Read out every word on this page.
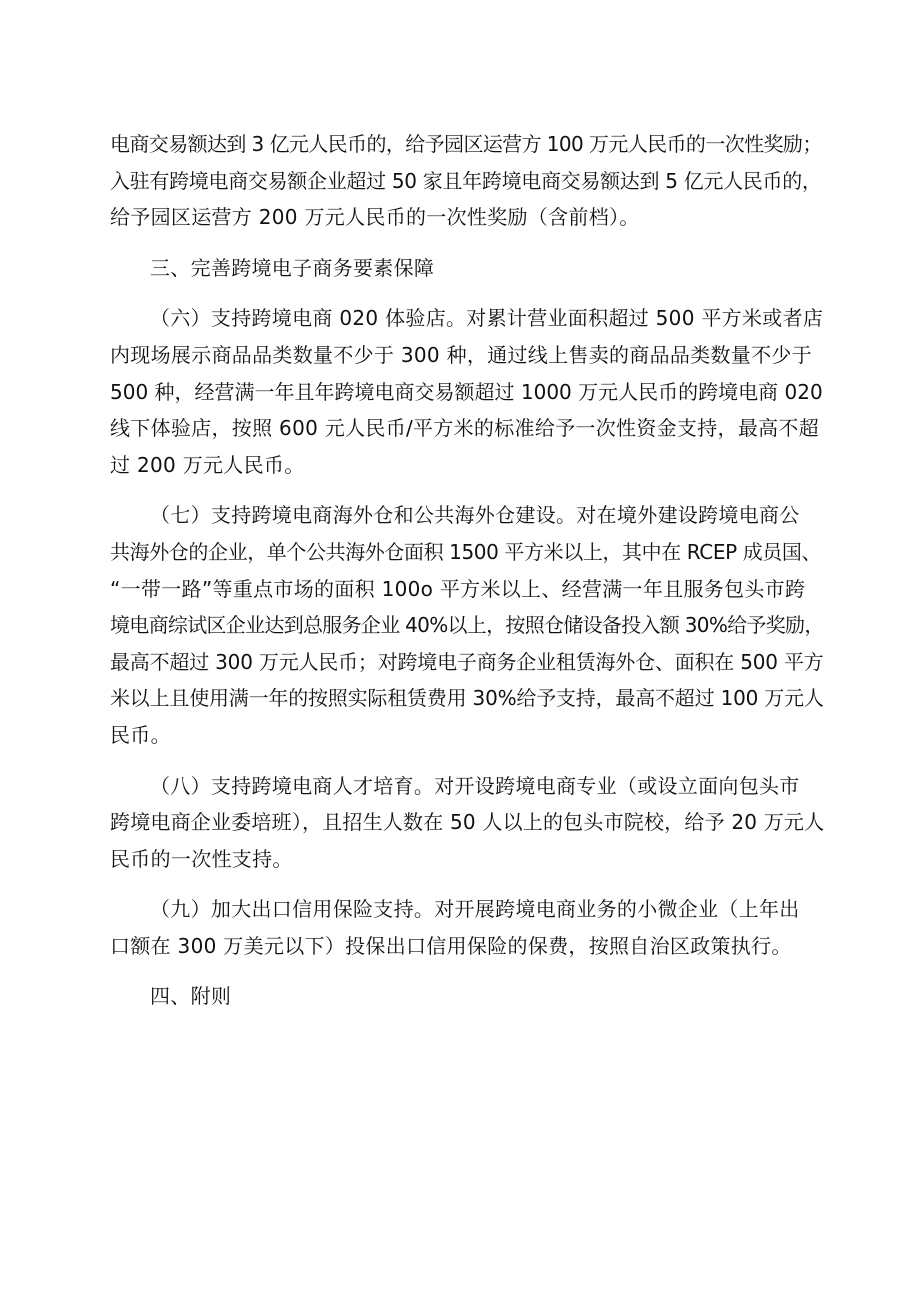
电商交易额达到 3 亿元人民币的，给予园区运营方 100 万元人民币的一次性奖励；
入驻有跨境电商交易额企业超过 50 家且年跨境电商交易额达到 5 亿元人民币的，
给予园区运营方 200 万元人民币的一次性奖励（含前档）。

三、完善跨境电子商务要素保障

（六）支持跨境电商 020 体验店。对累计营业面积超过 500 平方米或者店
内现场展示商品品类数量不少于 300 种，通过线上售卖的商品品类数量不少于
500 种，经营满一年且年跨境电商交易额超过 1000 万元人民币的跨境电商 020
线下体验店，按照 600 元人民币/平方米的标准给予一次性资金支持，最高不超
过 200 万元人民币。

（七）支持跨境电商海外仓和公共海外仓建设。对在境外建设跨境电商公
共海外仓的企业，单个公共海外仓面积 1500 平方米以上，其中在 RCEP 成员国、
“一带一路”等重点市场的面积 100o 平方米以上、经营满一年且服务包头市跨
境电商综试区企业达到总服务企业 40%以上，按照仓储设备投入额 30%给予奖励，
最高不超过 300 万元人民币；对跨境电子商务企业租赁海外仓、面积在 500 平方
米以上且使用满一年的按照实际租赁费用 30%给予支持，最高不超过 100 万元人
民币。

（八）支持跨境电商人才培育。对开设跨境电商专业（或设立面向包头市
跨境电商企业委培班），且招生人数在 50 人以上的包头市院校，给予 20 万元人
民币的一次性支持。

（九）加大出口信用保险支持。对开展跨境电商业务的小微企业（上年出
口额在 300 万美元以下）投保出口信用保险的保费，按照自治区政策执行。

四、附则
